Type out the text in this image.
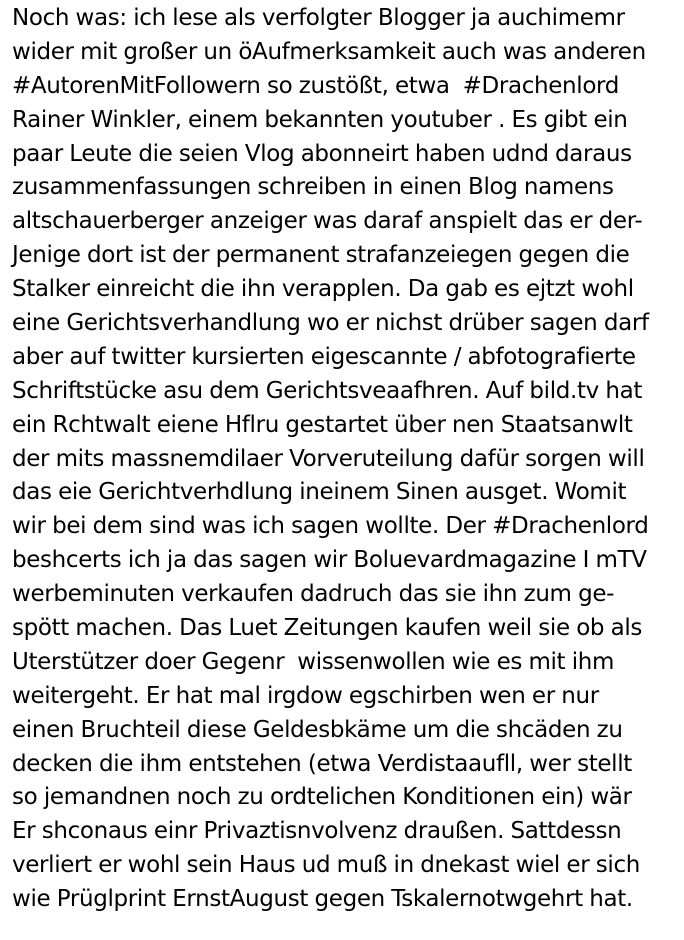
Noch was: ich lese als verfolgter Blogger ja auchimemr
wider mit großer un öAufmerksamkeit auch was anderen
#AutorenMitFollowern so zustößt, etwa  #Drachenlord
Rainer Winkler, einem bekannten youtuber . Es gibt ein
paar Leute die seien Vlog abonneirt haben udnd daraus
zusammenfassungen schreiben in einen Blog namens
altschauerberger anzeiger was daraf anspielt das er der-
Jenige dort ist der permanent strafanzeiegen gegen die
Stalker einreicht die ihn verapplen. Da gab es ejtzt wohl
eine Gerichtsverhandlung wo er nichst drüber sagen darf
aber auf twitter kursierten eigescannte / abfotografierte
Schriftstücke asu dem Gerichtsveaafhren. Auf bild.tv hat
ein Rchtwalt eiene Hflru gestartet über nen Staatsanwlt
der mits massnemdilaer Vorveruteilung dafür sorgen will
das eie Gerichtverhdlung ineinem Sinen ausget. Womit
wir bei dem sind was ich sagen wollte. Der #Drachenlord
beshcerts ich ja das sagen wir Boluevardmagazine I mTV
werbeminuten verkaufen dadruch das sie ihn zum ge-
spött machen. Das Luet Zeitungen kaufen weil sie ob als
Uterstützer doer Gegenr  wissenwollen wie es mit ihm
weitergeht. Er hat mal irgdow egschirben wen er nur
einen Bruchteil diese Geldesbkäme um die shcäden zu
decken die ihm entstehen (etwa Verdistaaufll, wer stellt
so jemandnen noch zu ordtelichen Konditionen ein) wär
Er shconaus einr Privaztisnvolvenz draußen. Sattdessn
verliert er wohl sein Haus ud muß in dnekast wiel er sich
wie Prüglprint ErnstAugust gegen Tskalernotwgehrt hat.
